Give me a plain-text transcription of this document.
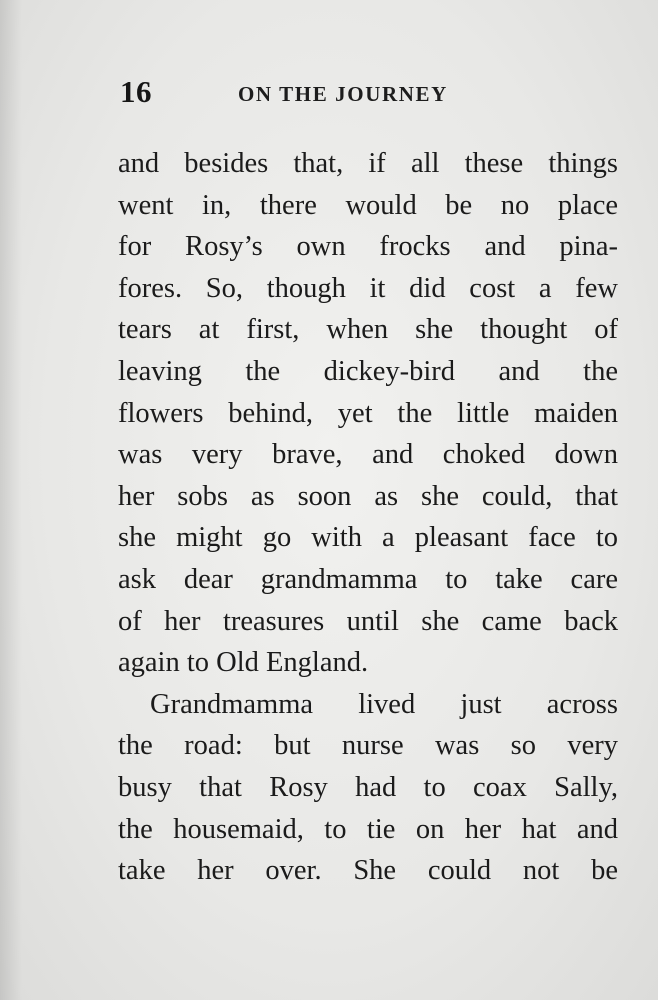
16	ON THE JOURNEY
and besides that, if all these things
went in, there would be no place
for Rosy’s own frocks and pina-
fores. So, though it did cost a few
tears at first, when she thought of
leaving the dickey-bird and the
flowers behind, yet the little maiden
was very brave, and choked down
her sobs as soon as she could, that
she might go with a pleasant face to
ask dear grandmamma to take care
of her treasures until she came back
again to Old England.
Grandmamma lived just across
the road: but nurse was so very
busy that Rosy had to coax Sally,
the housemaid, to tie on her hat and
take her over. She could not be
